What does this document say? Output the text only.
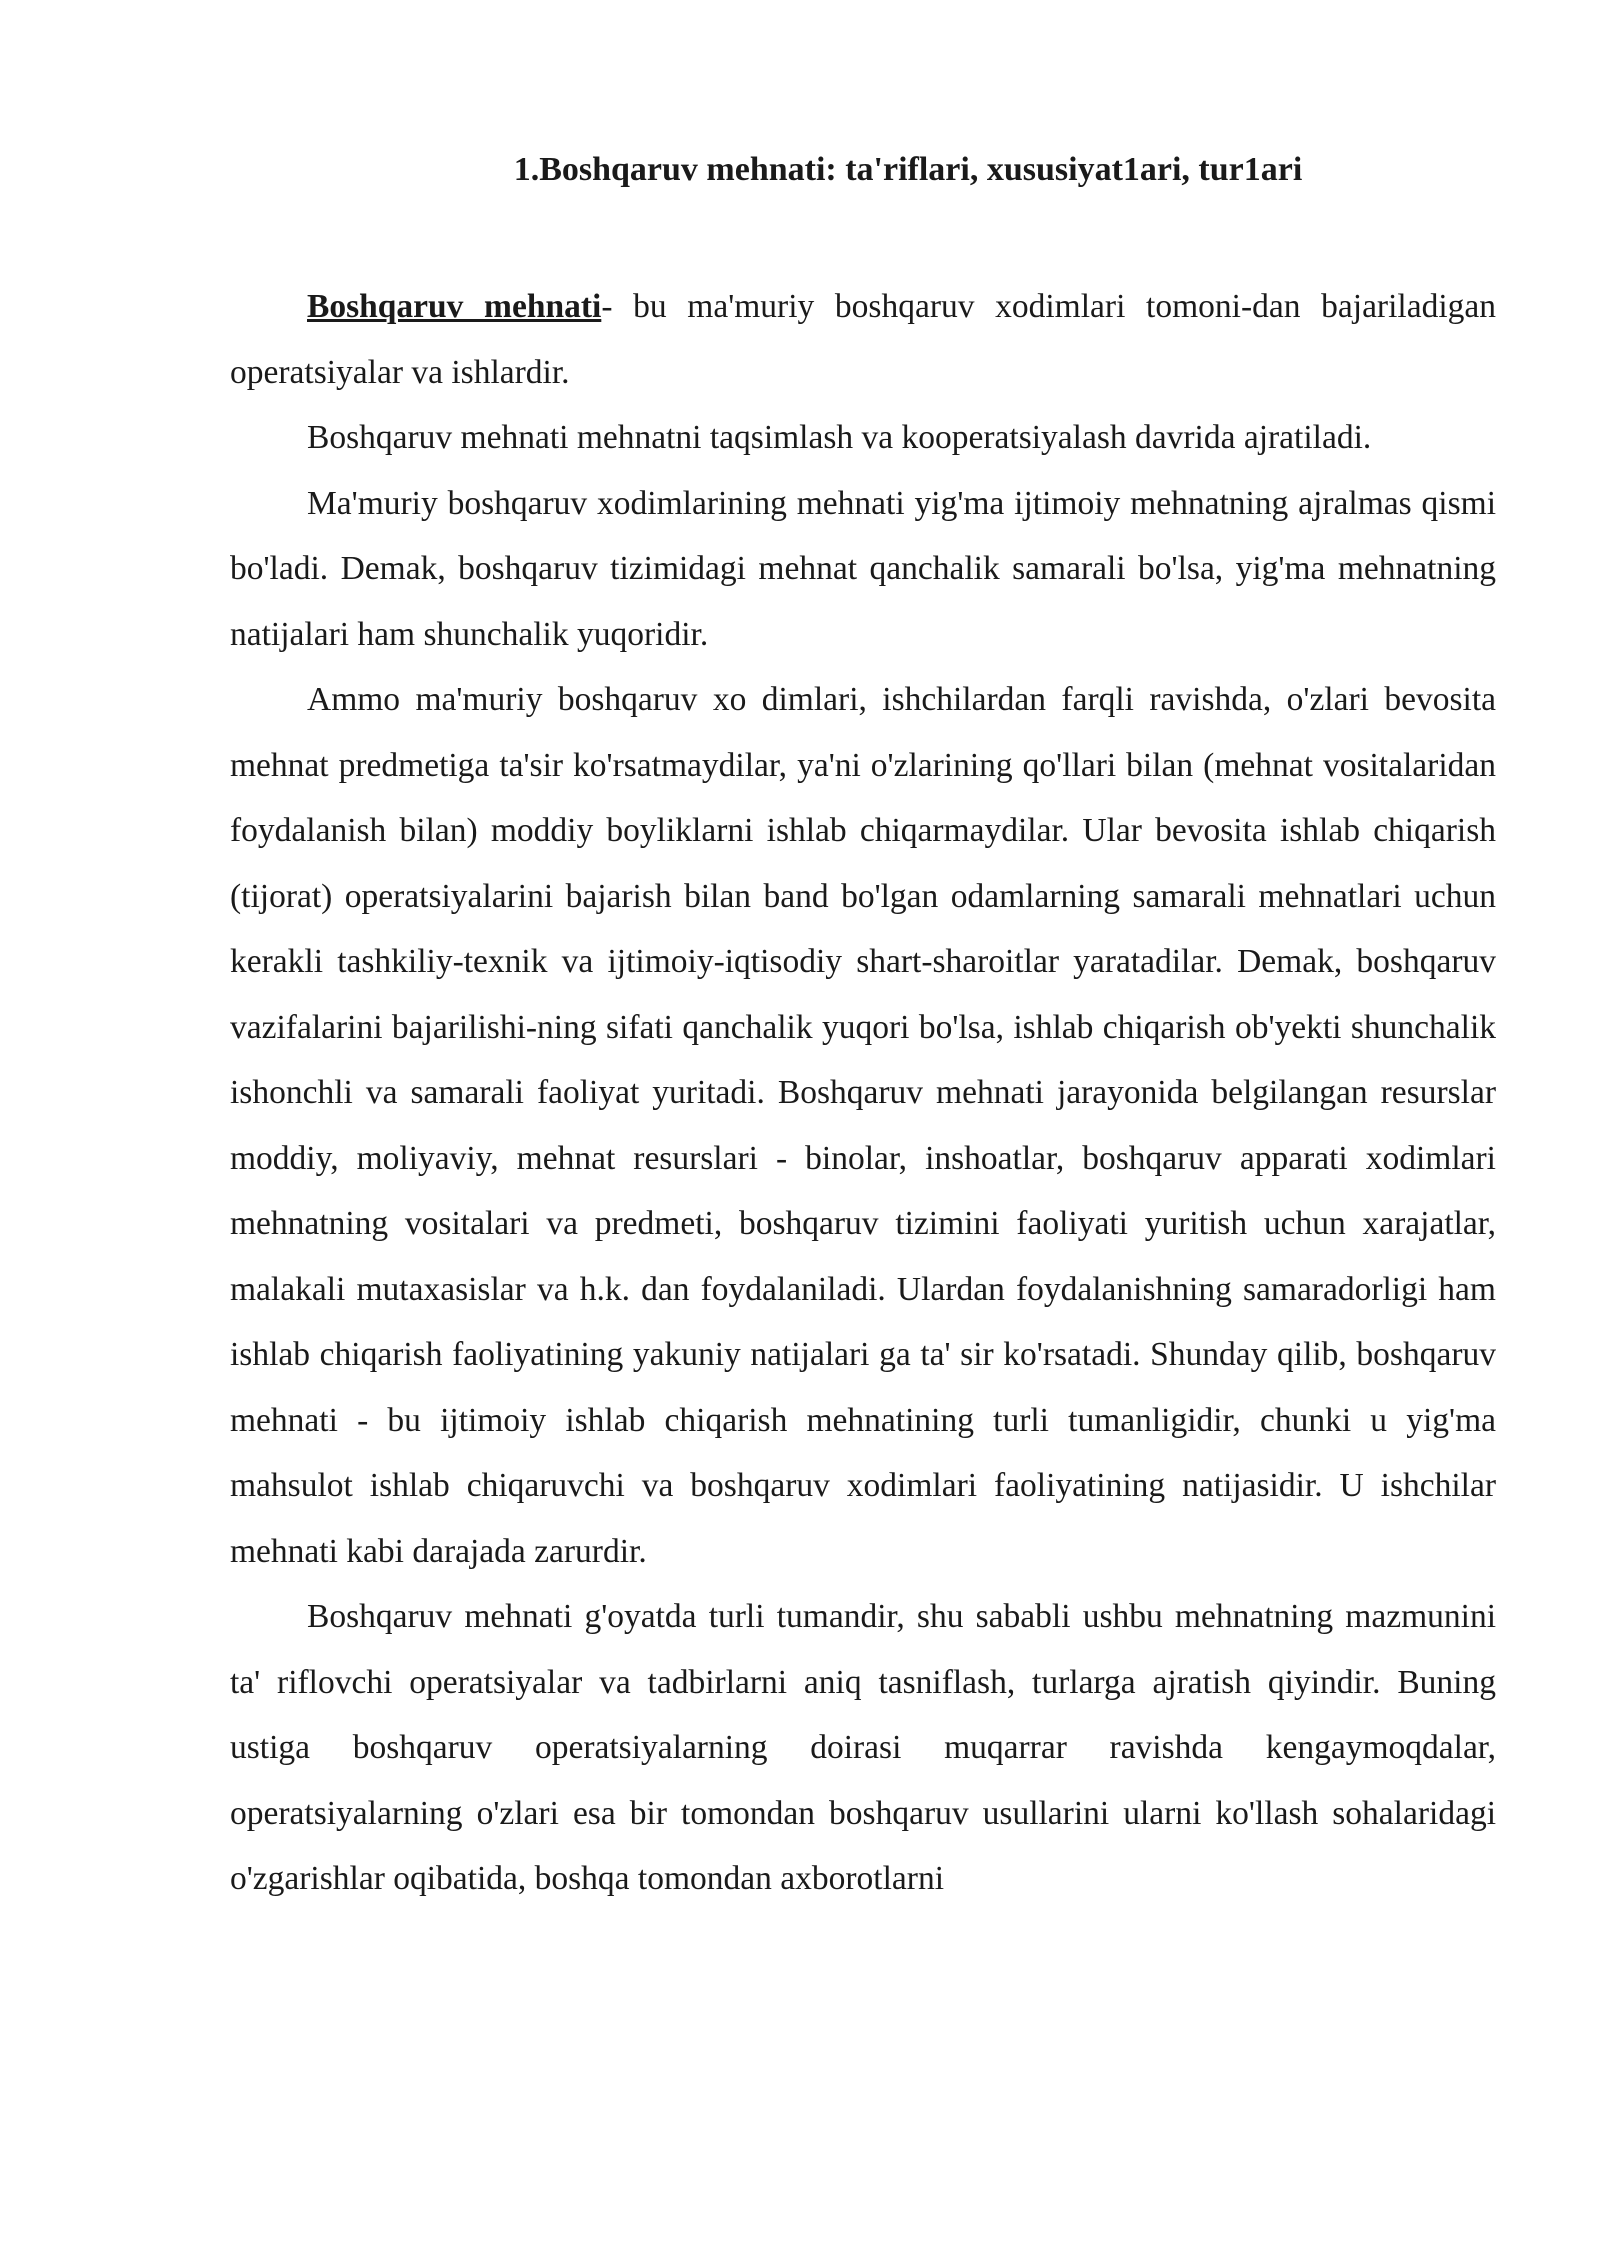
1.Boshqaruv mehnati: ta'riflari, xususiyat1ari, tur1ari

Boshqaruv mehnati- bu ma'muriy boshqaruv xodimlari tomoni-dan bajariladigan operatsiyalar va ishlardir.

Boshqaruv mehnati mehnatni taqsimlash va kooperatsiyalash davrida ajratiladi.

Ma'muriy boshqaruv xodimlarining mehnati yig'ma ijtimoiy mehnatning ajralmas qismi bo'ladi. Demak, boshqaruv tizimidagi mehnat qanchalik samarali bo'lsa, yig'ma mehnatning natijalari ham shunchalik yuqoridir.

Ammo ma'muriy boshqaruv xo dimlari, ishchilardan farqli ravishda, o'zlari bevosita mehnat predmetiga ta'sir ko'rsatmaydilar, ya'ni o'zlarining qo'llari bilan (mehnat vositalaridan foydalanish bilan) moddiy boyliklarni ishlab chiqarmaydilar. Ular bevosita ishlab chiqarish (tijorat) operatsiyalarini bajarish bilan band bo'lgan odamlarning samarali mehnatlari uchun kerakli tashkiliy-texnik va ijtimoiy-iqtisodiy shart-sharoitlar yaratadilar. Demak, boshqaruv vazifalarini bajarilishi-ning sifati qanchalik yuqori bo'lsa, ishlab chiqarish ob'yekti shunchalik ishonchli va samarali faoliyat yuritadi. Boshqaruv mehnati jarayonida belgilangan resurslar moddiy, moliyaviy, mehnat resurslari - binolar, inshoatlar, boshqaruv apparati xodimlari mehnatning vositalari va predmeti, boshqaruv tizimini faoliyati yuritish uchun xarajatlar, malakali mutaxasislar va h.k. dan foydalaniladi. Ulardan foydalanishning samaradorligi ham ishlab chiqarish faoliyatining yakuniy natijalari ga ta' sir ko'rsatadi. Shunday qilib, boshqaruv mehnati - bu ijtimoiy ishlab chiqarish mehnatining turli tumanligidir, chunki u yig'ma mahsulot ishlab chiqaruvchi va boshqaruv xodimlari faoliyatining natijasidir. U ishchilar mehnati kabi darajada zarurdir.

Boshqaruv mehnati g'oyatda turli tumandir, shu sababli ushbu mehnatning mazmunini ta' riflovchi operatsiyalar va tadbirlarni aniq tasniflash, turlarga ajratish qiyindir. Buning ustiga boshqaruv operatsiyalarning doirasi muqarrar ravishda kengaymoqdalar, operatsiyalarning o'zlari esa bir tomondan boshqaruv usullarini ularni ko'llash sohalaridagi o'zgarishlar oqibatida, boshqa tomondan axborotlarni
